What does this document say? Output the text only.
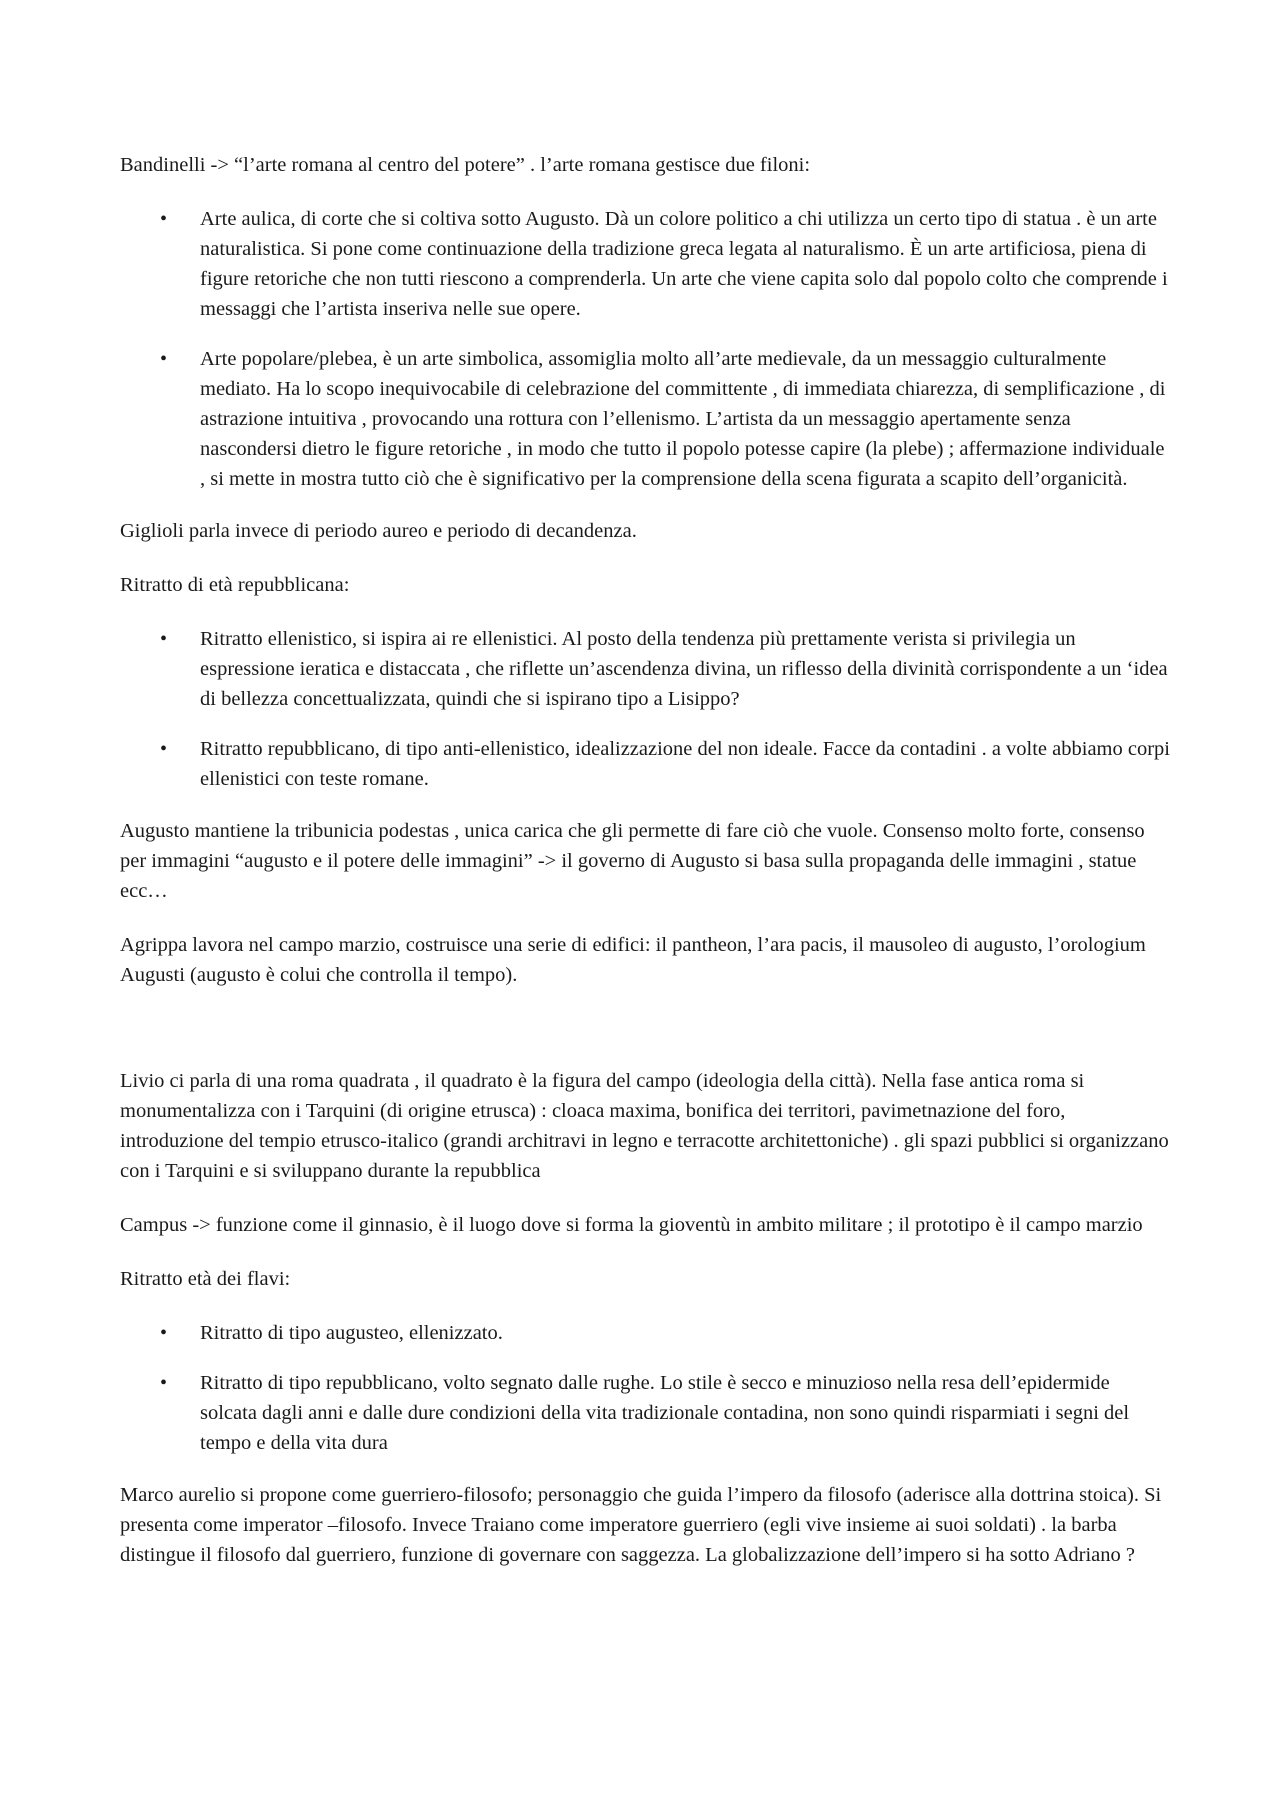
Bandinelli -> “l’arte romana al centro del potere” . l’arte romana gestisce due filoni:

• Arte aulica, di corte che si coltiva sotto Augusto. Dà un colore politico a chi utilizza un certo tipo di statua . è un arte naturalistica. Si pone come continuazione della tradizione greca legata al naturalismo. È un arte artificiosa, piena di figure retoriche che non tutti riescono a comprenderla. Un arte che viene capita solo dal popolo colto che comprende i messaggi che l’artista inseriva nelle sue opere.
• Arte popolare/plebea, è un arte simbolica, assomiglia molto all’arte medievale, da un messaggio culturalmente mediato. Ha lo scopo inequivocabile di celebrazione del committente , di immediata chiarezza, di semplificazione , di astrazione intuitiva , provocando una rottura con l’ellenismo. L’artista da un messaggio apertamente senza nascondersi dietro le figure retoriche , in modo che tutto il popolo potesse capire (la plebe) ; affermazione individuale , si mette in mostra tutto ciò che è significativo per la comprensione della scena figurata a scapito dell’organicità.

Giglioli parla invece di periodo aureo e periodo di decandenza.

Ritratto di età repubblicana:

• Ritratto ellenistico, si ispira ai re ellenistici. Al posto della tendenza più prettamente verista si privilegia un espressione ieratica e distaccata , che riflette un’ascendenza divina, un riflesso della divinità corrispondente a un ‘idea di bellezza concettualizzata, quindi che si ispirano tipo a Lisippo?
• Ritratto repubblicano, di tipo anti-ellenistico, idealizzazione del non ideale. Facce da contadini . a volte abbiamo corpi ellenistici con teste romane.

Augusto mantiene la tribunicia podestas , unica carica che gli permette di fare ciò che vuole. Consenso molto forte, consenso per immagini “augusto e il potere delle immagini” -> il governo di Augusto si basa sulla propaganda delle immagini , statue ecc…

Agrippa lavora nel campo marzio, costruisce una serie di edifici: il pantheon, l’ara pacis, il mausoleo di augusto, l’orologium Augusti (augusto è colui che controlla il tempo).

Livio ci parla di una roma quadrata , il quadrato è la figura del campo (ideologia della città). Nella fase antica roma si monumentalizza con i Tarquini (di origine etrusca) : cloaca maxima, bonifica dei territori, pavimetnazione del foro, introduzione del tempio etrusco-italico (grandi architravi in legno e terracotte architettoniche) . gli spazi pubblici si organizzano con i Tarquini e si sviluppano durante la repubblica

Campus -> funzione come il ginnasio, è il luogo dove si forma la gioventù in ambito militare ; il prototipo è il campo marzio

Ritratto età dei flavi:

• Ritratto di tipo augusteo, ellenizzato.
• Ritratto di tipo repubblicano, volto segnato dalle rughe. Lo stile è secco e minuzioso nella resa dell’epidermide solcata dagli anni e dalle dure condizioni della vita tradizionale contadina, non sono quindi risparmiati i segni del tempo e della vita dura

Marco aurelio si propone come guerriero-filosofo; personaggio che guida l’impero da filosofo (aderisce alla dottrina stoica). Si presenta come imperator –filosofo. Invece Traiano come imperatore guerriero (egli vive insieme ai suoi soldati) . la barba distingue il filosofo dal guerriero, funzione di governare con saggezza. La globalizzazione dell’impero si ha sotto Adriano ?
